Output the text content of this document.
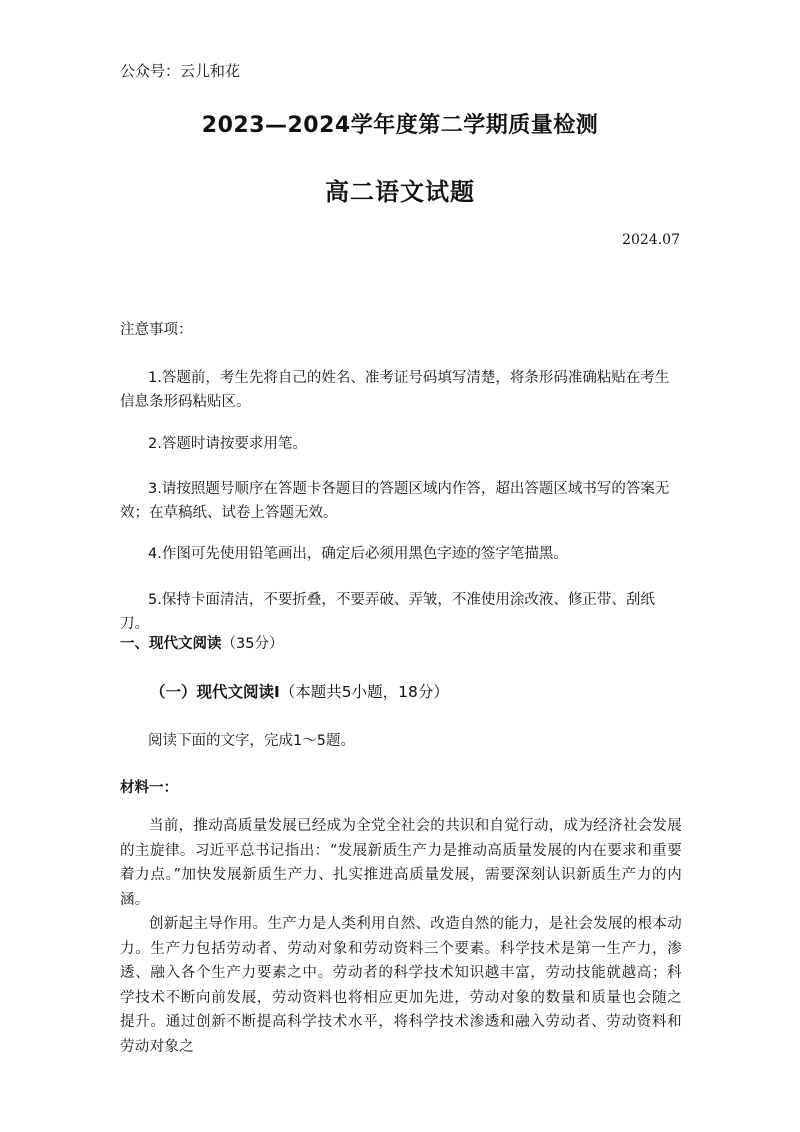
公众号：云儿和花
2023—2024学年度第二学期质量检测
高二语文试题
2024.07
注意事项：
1.答题前，考生先将自己的姓名、准考证号码填写清楚，将条形码准确粘贴在考生信息条形码粘贴区。
2.答题时请按要求用笔。
3.请按照题号顺序在答题卡各题目的答题区域内作答，超出答题区域书写的答案无效；在草稿纸、试卷上答题无效。
4.作图可先使用铅笔画出，确定后必须用黑色字迹的签字笔描黑。
5.保持卡面清洁，不要折叠，不要弄破、弄皱，不准使用涂改液、修正带、刮纸刀。
一、现代文阅读（35分）
（一）现代文阅读Ⅰ（本题共5小题，18分）
阅读下面的文字，完成1～5题。
材料一：
当前，推动高质量发展已经成为全党全社会的共识和自觉行动，成为经济社会发展的主旋律。习近平总书记指出：“发展新质生产力是推动高质量发展的内在要求和重要着力点。”加快发展新质生产力、扎实推进高质量发展，需要深刻认识新质生产力的内涵。
创新起主导作用。生产力是人类利用自然、改造自然的能力，是社会发展的根本动力。生产力包括劳动者、劳动对象和劳动资料三个要素。科学技术是第一生产力，渗透、融入各个生产力要素之中。劳动者的科学技术知识越丰富，劳动技能就越高；科学技术不断向前发展，劳动资料也将相应更加先进，劳动对象的数量和质量也会随之提升。通过创新不断提高科学技术水平，将科学技术渗透和融入劳动者、劳动资料和劳动对象之
